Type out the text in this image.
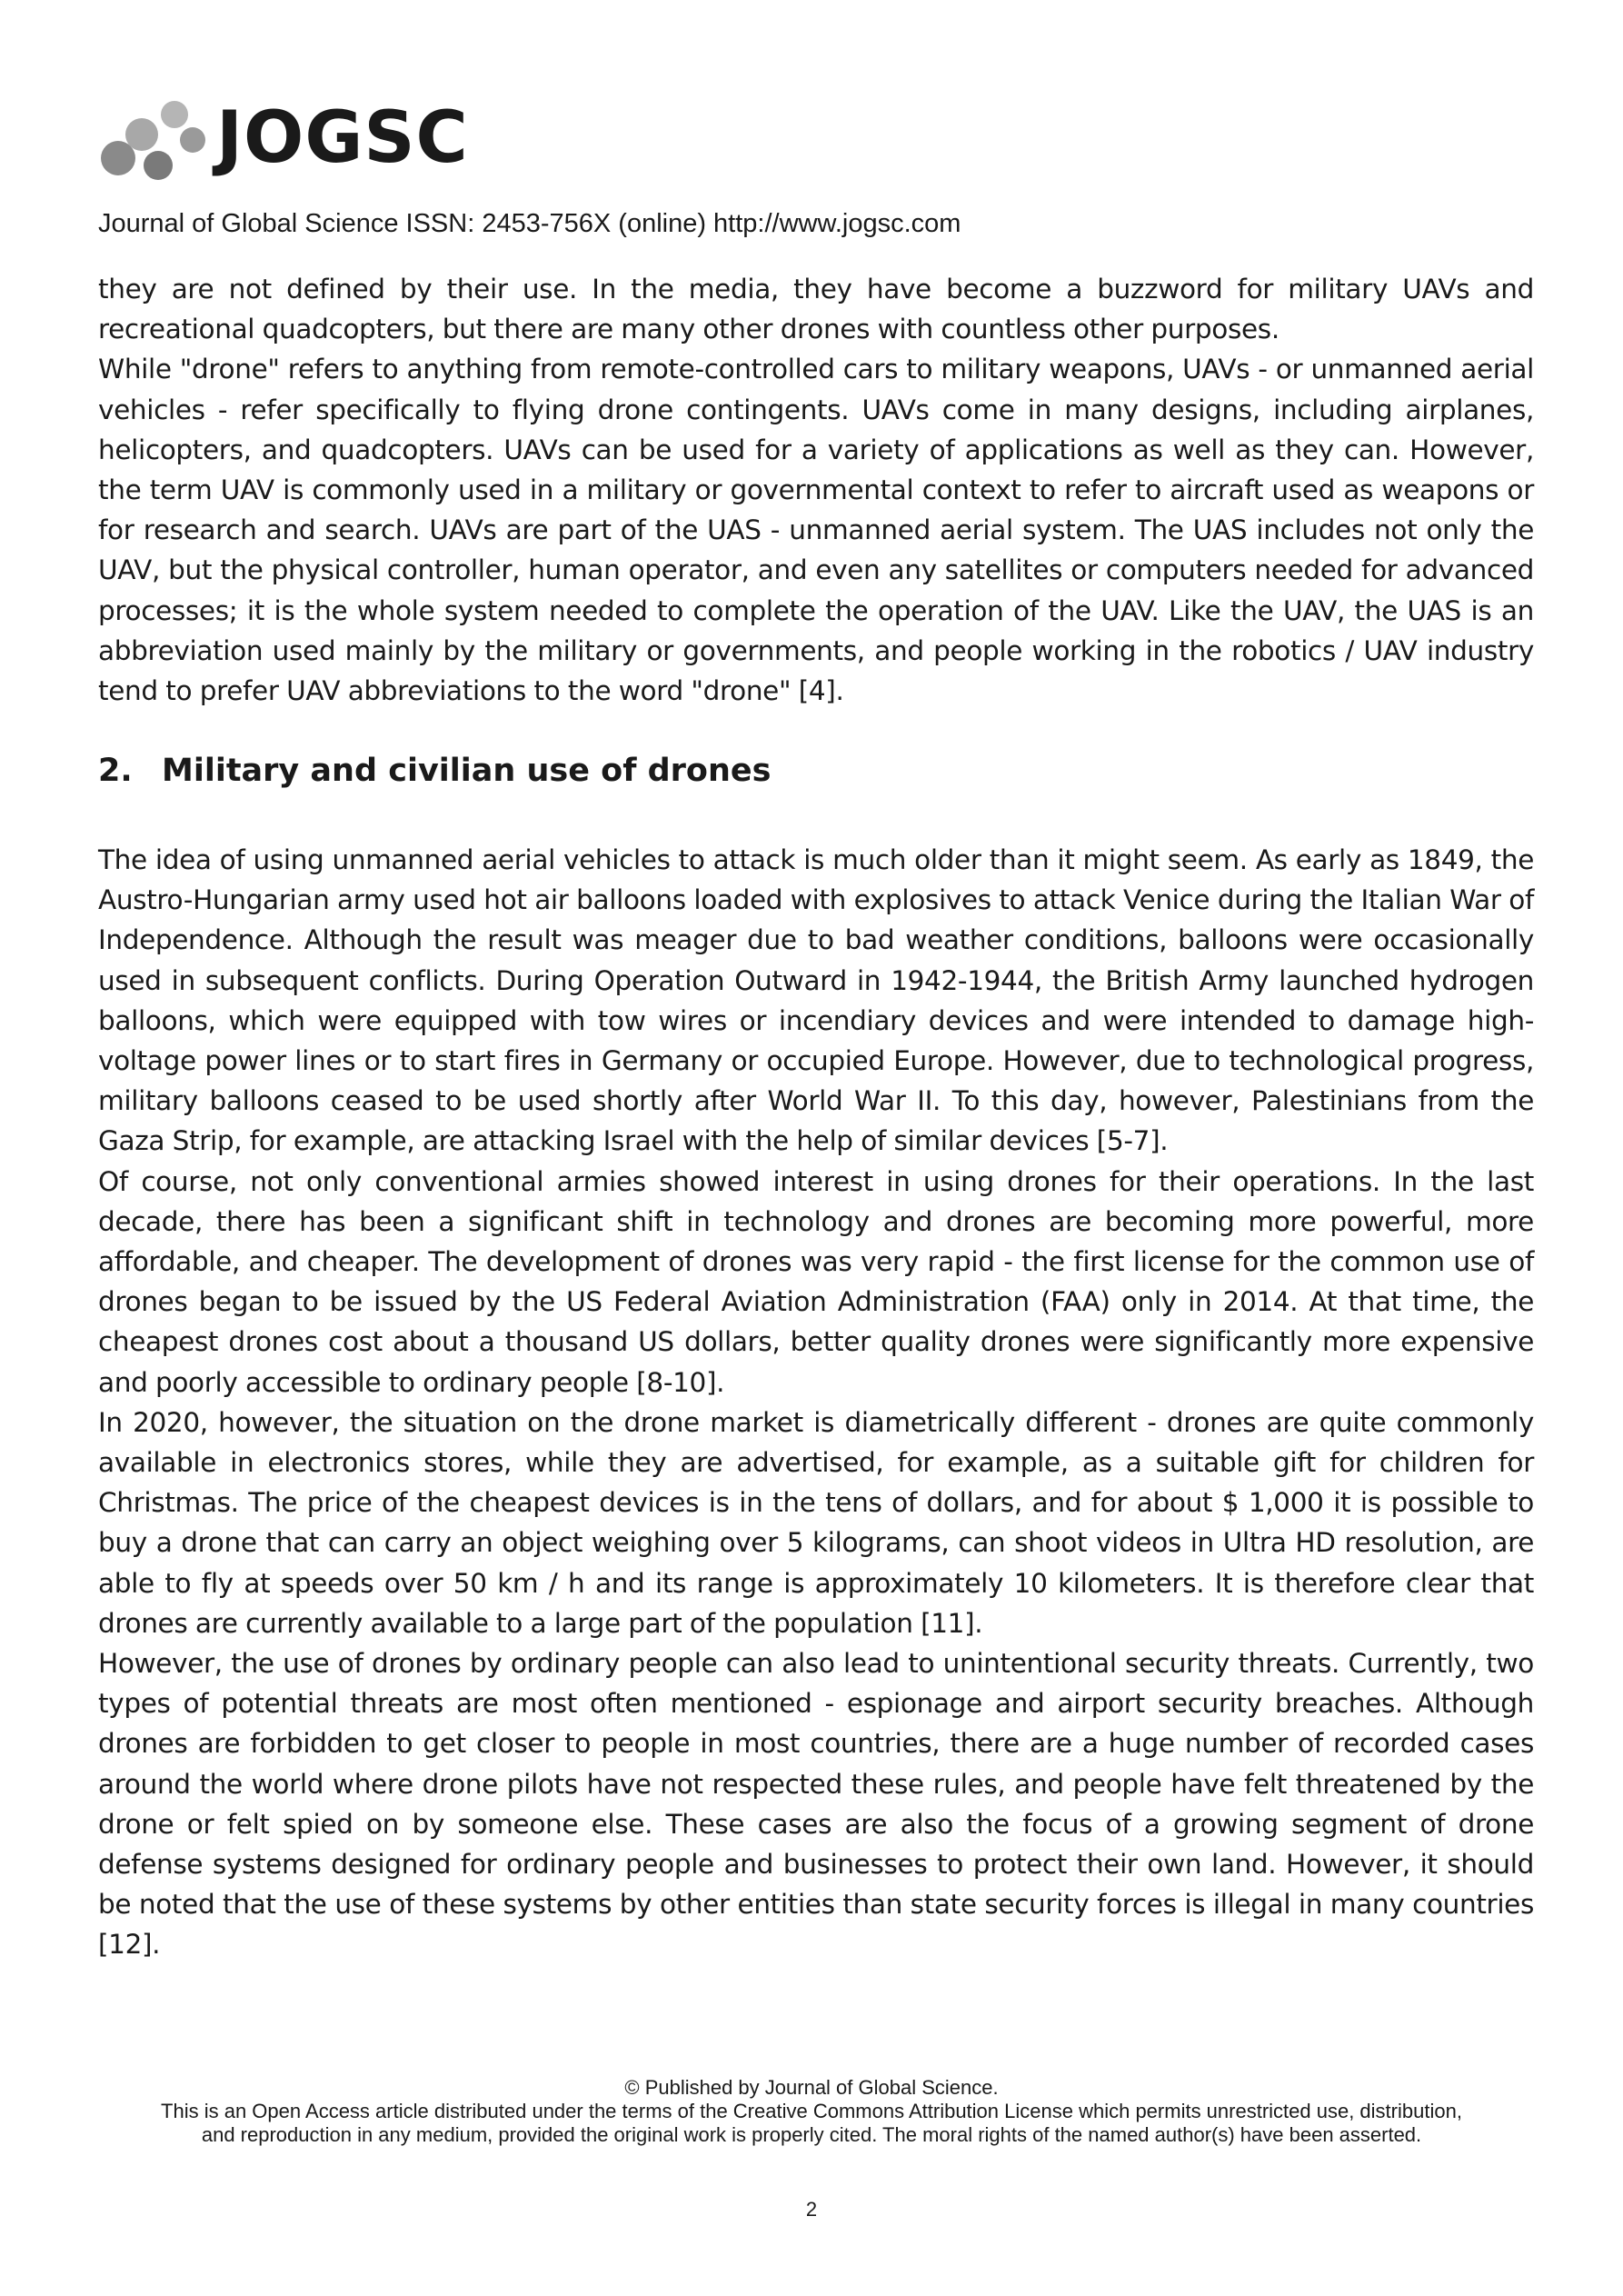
JOGSC
Journal of Global Science ISSN: 2453-756X (online) http://www.jogsc.com

they are not defined by their use. In the media, they have become a buzzword for military UAVs and recreational quadcopters, but there are many other drones with countless other purposes.

While "drone" refers to anything from remote-controlled cars to military weapons, UAVs - or unmanned aerial vehicles - refer specifically to flying drone contingents. UAVs come in many designs, including airplanes, helicopters, and quadcopters. UAVs can be used for a variety of applications as well as they can. However, the term UAV is commonly used in a military or governmental context to refer to aircraft used as weapons or for research and search. UAVs are part of the UAS - unmanned aerial system. The UAS includes not only the UAV, but the physical controller, human operator, and even any satellites or computers needed for advanced processes; it is the whole system needed to complete the operation of the UAV. Like the UAV, the UAS is an abbreviation used mainly by the military or governments, and people working in the robotics / UAV industry tend to prefer UAV abbreviations to the word "drone" [4].

2. Military and civilian use of drones

The idea of using unmanned aerial vehicles to attack is much older than it might seem. As early as 1849, the Austro-Hungarian army used hot air balloons loaded with explosives to attack Venice during the Italian War of Independence. Although the result was meager due to bad weather conditions, balloons were occasionally used in subsequent conflicts. During Operation Outward in 1942-1944, the British Army launched hydrogen balloons, which were equipped with tow wires or incendiary devices and were intended to damage high-voltage power lines or to start fires in Germany or occupied Europe. However, due to technological progress, military balloons ceased to be used shortly after World War II. To this day, however, Palestinians from the Gaza Strip, for example, are attacking Israel with the help of similar devices [5-7].

Of course, not only conventional armies showed interest in using drones for their operations. In the last decade, there has been a significant shift in technology and drones are becoming more powerful, more affordable, and cheaper. The development of drones was very rapid - the first license for the common use of drones began to be issued by the US Federal Aviation Administration (FAA) only in 2014. At that time, the cheapest drones cost about a thousand US dollars, better quality drones were significantly more expensive and poorly accessible to ordinary people [8-10].

In 2020, however, the situation on the drone market is diametrically different - drones are quite commonly available in electronics stores, while they are advertised, for example, as a suitable gift for children for Christmas. The price of the cheapest devices is in the tens of dollars, and for about $ 1,000 it is possible to buy a drone that can carry an object weighing over 5 kilograms, can shoot videos in Ultra HD resolution, are able to fly at speeds over 50 km / h and its range is approximately 10 kilometers. It is therefore clear that drones are currently available to a large part of the population [11].

However, the use of drones by ordinary people can also lead to unintentional security threats. Currently, two types of potential threats are most often mentioned - espionage and airport security breaches. Although drones are forbidden to get closer to people in most countries, there are a huge number of recorded cases around the world where drone pilots have not respected these rules, and people have felt threatened by the drone or felt spied on by someone else. These cases are also the focus of a growing segment of drone defense systems designed for ordinary people and businesses to protect their own land. However, it should be noted that the use of these systems by other entities than state security forces is illegal in many countries [12].

© Published by Journal of Global Science.
This is an Open Access article distributed under the terms of the Creative Commons Attribution License which permits unrestricted use, distribution,
and reproduction in any medium, provided the original work is properly cited. The moral rights of the named author(s) have been asserted.
2
